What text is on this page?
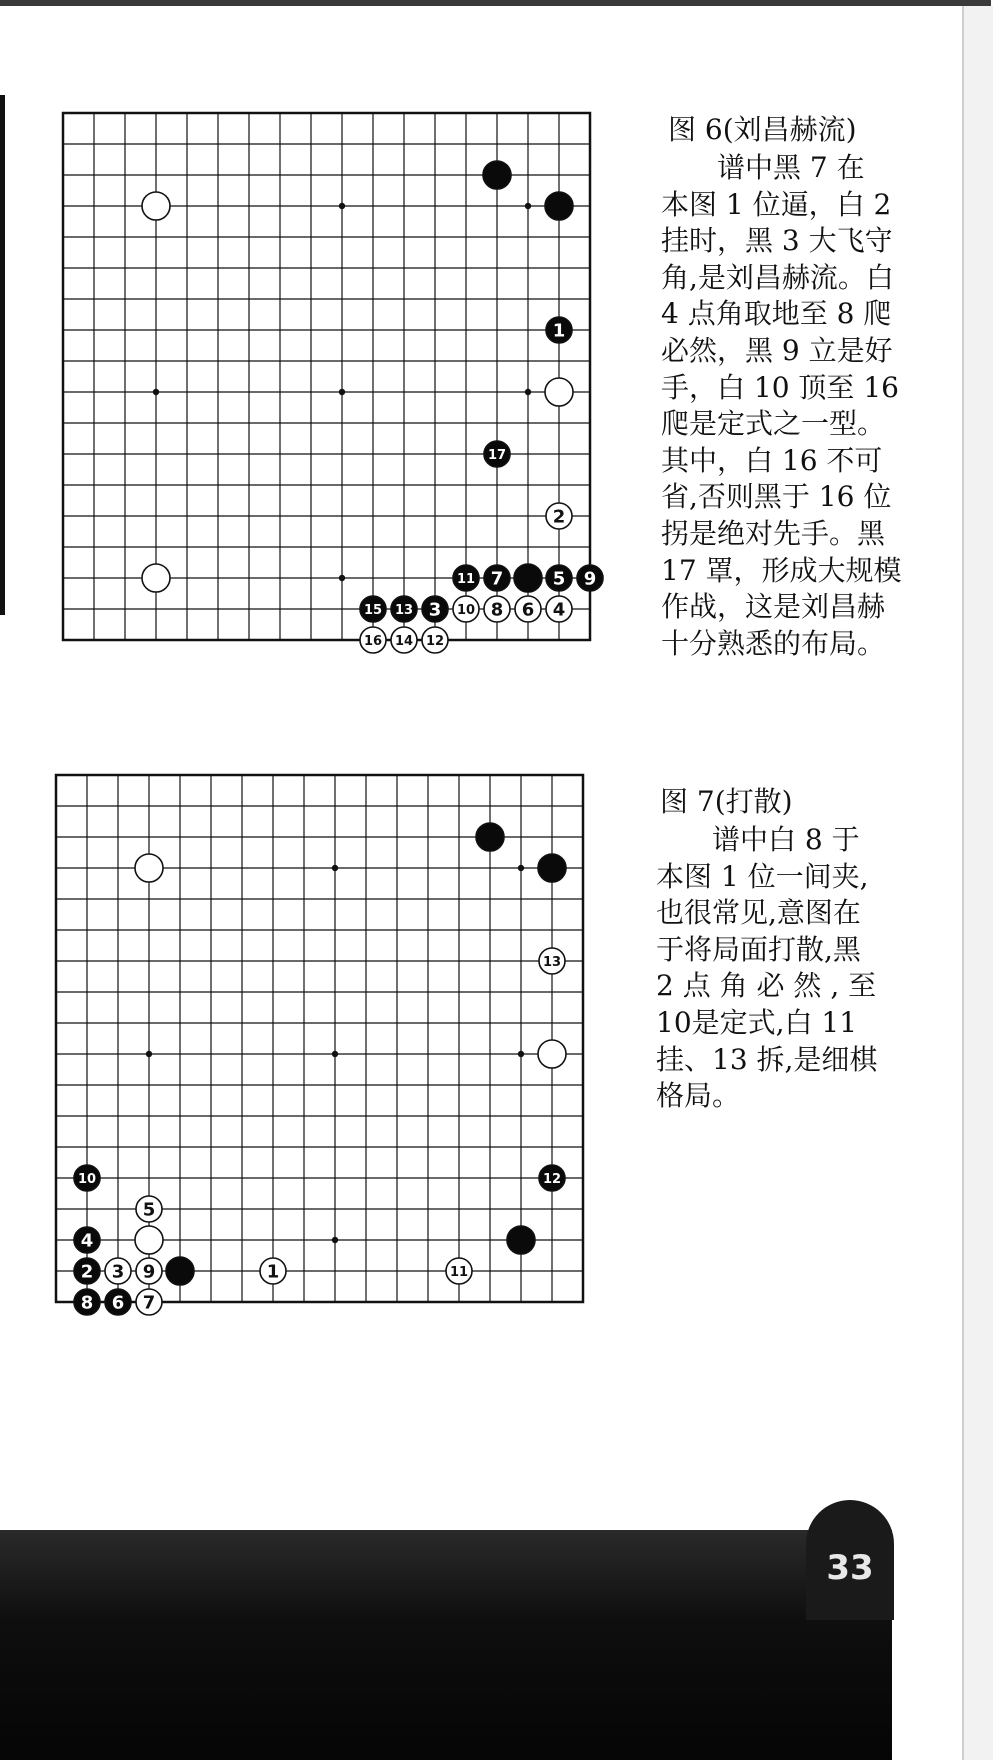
1
17
2
11 7	5 9
15 13 3 10 8 6 4
16 14 12
图 6(刘昌赫流)
　　谱中黑 7 在
本图 1 位逼，白 2
挂时，黑 3 大飞守
角,是刘昌赫流。白
4 点角取地至 8 爬
必然，黑 9 立是好
手，白 10 顶至 16
爬是定式之一型。
其中，白 16 不可
省,否则黑于 16 位
拐是绝对先手。黑
17 罩，形成大规模
作战，这是刘昌赫
十分熟悉的布局。
13
10	12
5
4
2 3 9	1	11
8 6 7
图 7(打散)
　　谱中白 8 于
本图 1 位一间夹,
也很常见,意图在
于将局面打散,黑
2 点 角 必 然 , 至
10是定式,白 11
挂、13 拆,是细棋
格局。
33
